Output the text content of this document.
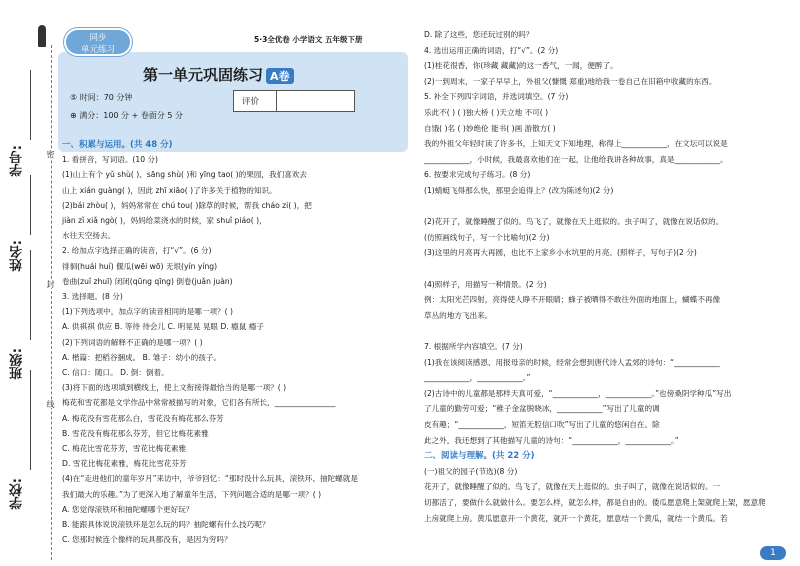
学校:
班级:
姓名:
学号:	密
封
线
同步
单元练习
5·3全优卷 小学语文 五年级下册
第一单元巩固练习 A卷
⑤ 时间：70 分钟
⊕ 满分：100 分 + 卷面分 5 分
评价
一、积累与运用。(共 48 分)
1. 看拼音，写词语。(10 分)
(1)山上有个 yǔ shù( )、sāng shù( )和 yīng tao( )的果园，我们喜欢去
山上 xián guàng( )，因此 zhī xiāo( )了许多关于植物的知识。
(2)bái zhòu( )，妈妈常常在 chú tou( )除草的时候，帮我 cháo zi( )，把
jiàn zǐ xiǎ ngò( )，妈妈给菜浇水的时候，家 shuǐ piáo( )，
水往天空扬去。
2. 给加点字选择正确的读音，打“√”。(6 分)
徘徊(huái huí) 偃瓜(wēi wō) 无垠(yín yíng)
卷曲(zuǐ zhuī) 闭闭(qūng qīng) 倒卷(juǎn juàn)
3. 选择题。(8 分)
(1)下列选项中，加点字的读音相同的是哪一项？( )
A. 供祺祺 供应 B. 等待 待会儿 C. 明晃晃 晃眼 D. 瘾鼠 瘾子
(2)下列词语的解释不正确的是哪一项？( )
A. 楷篇：把稻谷捆成。 B. 雏子：幼小的孩子。
C. 信口：随口。 D. 倒：倒着。
(3)将下面的选项填到横线上，使上文衔接得最恰当的是哪一项？( )
梅花和雪花都是文学作品中常常被描写的对象，它们各有所长，________________
A. 梅花没有雪花那么白，雪花没有梅花那么芬芳
B. 雪花没有梅花那么芬芳，但它比梅花素雅
C. 梅花比雪花芬芳，雪花比梅花素雅
D. 雪花比梅花素雅，梅花比雪花芬芳
(4)在“走进他们的童年岁月”来访中，爷爷回忆：“那时没什么玩具，滚铁环、抽陀螺就是
我们最大的乐趣。”为了更深入地了解童年生活，下列问题合适的是哪一项？( )
A. 您觉得滚铁环和抽陀螺哪个更好玩？
B. 能跟具体说说滚铁环是怎么玩的吗？抽陀螺有什么技巧呢？
C. 您那时候连个像样的玩具都没有，是因为穷吗？
D. 除了这些，您还玩过别的吗？
4. 选出运用正确的词语，打“√”。(2 分)
(1)桂花很香，你(珍藏 藏藏)的这一香气，一闻，便醉了。
(2)一到周末，一家子早早上，外祖父(慷慨 郑重)地给我一卷自己在旧箱中收藏的东西。
5. 补全下列四字词语，并选词填空。(7 分)
乐此不( ) ( )独大桥 ( )天立地 不可( )
自饿( )名 ( )妙绝伦 能书( )画 游散方( )
我的外祖父年轻时读了许多书，上知天文下知地理，称得上____________，在文坛可以说是
____________，小时候，我最喜欢他们在一起，让他给我讲各种故事，真是____________。
6. 按要求完成句子练习。(8 分)
(1)蜻蜓飞得那么快，那里会追得上？(改为陈述句)(2 分)
(2)花开了，就像睡醒了似的。鸟飞了，就像在天上逛似的。虫子叫了，就像在说话似的。
(仿照画线句子，写一个比喻句)(2 分)
(3)这里的月亮再大再圆，也比不上家乡小水坑里的月亮。(照样子，写句子)(2 分)
(4)照样子，用描写一种情景。(2 分)
例：太阳光芒四射，亮得使人睁不开眼睛；蜂子被晒得不敢往外面的地面上，蝴蝶不再像
草丛的地方飞出来。
7. 根据所学内容填空。(7 分)
(1)我在该阅读感恩、用报母亲的时候，经常会想到唐代诗人孟郊的诗句：“____________
____________，____________。”
(2)古诗中的儿童都是那样天真可爱，“____________，____________。”也傍桑阴学种瓜”写出
了儿童的勤劳可爱；“稚子金盆脱晓冰，____________”写出了儿童的调
皮有趣；“____________，短笛无腔信口吹”写出了儿童的悠闲自在。除
此之外，我还想到了其他描写儿童的诗句：“____________，____________。”
二、阅读与理解。(共 22 分)
(一)祖父的园子(节选)(8 分)
花开了，就像睡醒了似的。鸟飞了，就像在天上逛似的。虫子叫了，就像在说话似的。一
切都活了，要做什么就做什么。要怎么样，就怎么样，都是自由的。倭瓜愿意爬上架就爬上架，愿意爬
上房就爬上房。黄瓜愿意开一个黄花，就开一个黄花，愿意结一个黄瓜，就结一个黄瓜。若
1
